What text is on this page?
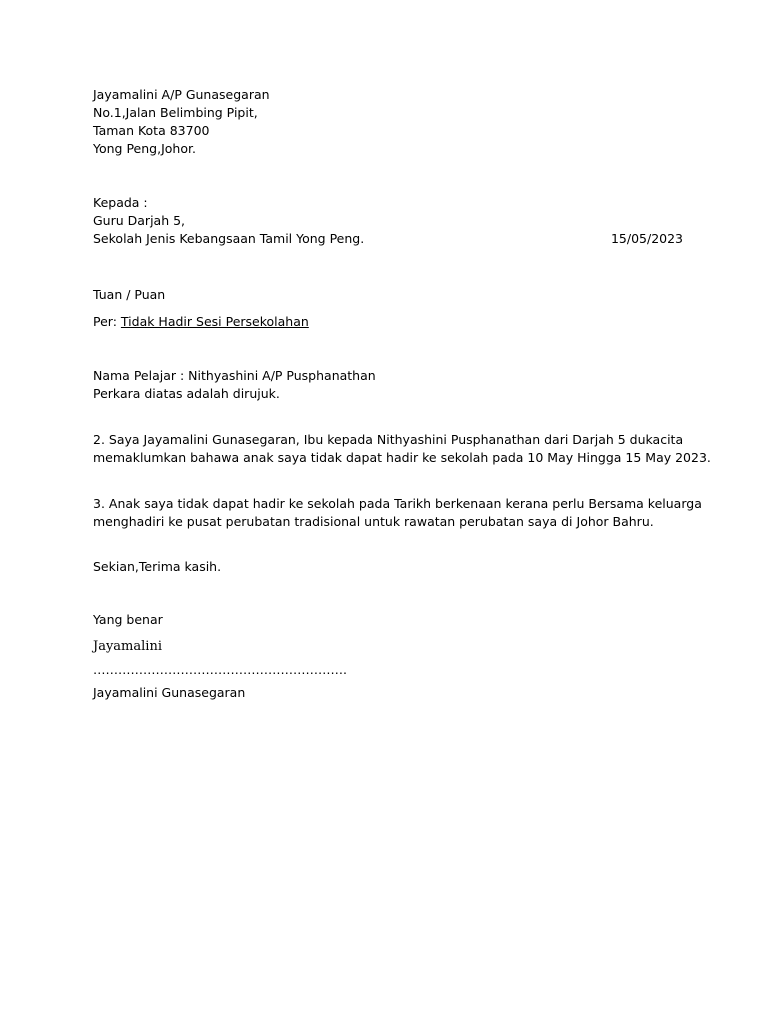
Jayamalini A/P Gunasegaran
No.1,Jalan Belimbing Pipit,
Taman Kota 83700
Yong Peng,Johor.
Kepada :
Guru Darjah 5,
Sekolah Jenis Kebangsaan Tamil Yong Peng.	15/05/2023
Tuan / Puan
Per: Tidak Hadir Sesi Persekolahan
Nama Pelajar : Nithyashini A/P Pusphanathan
Perkara diatas adalah dirujuk.
2. Saya Jayamalini Gunasegaran, Ibu kepada Nithyashini Pusphanathan dari Darjah 5 dukacita
memaklumkan bahawa anak saya tidak dapat hadir ke sekolah pada 10 May Hingga 15 May 2023.
3. Anak saya tidak dapat hadir ke sekolah pada Tarikh berkenaan kerana perlu Bersama keluarga
menghadiri ke pusat perubatan tradisional untuk rawatan perubatan saya di Johor Bahru.
Sekian,Terima kasih.
Yang benar
Jayamalini
…………………………………………………….
Jayamalini Gunasegaran
